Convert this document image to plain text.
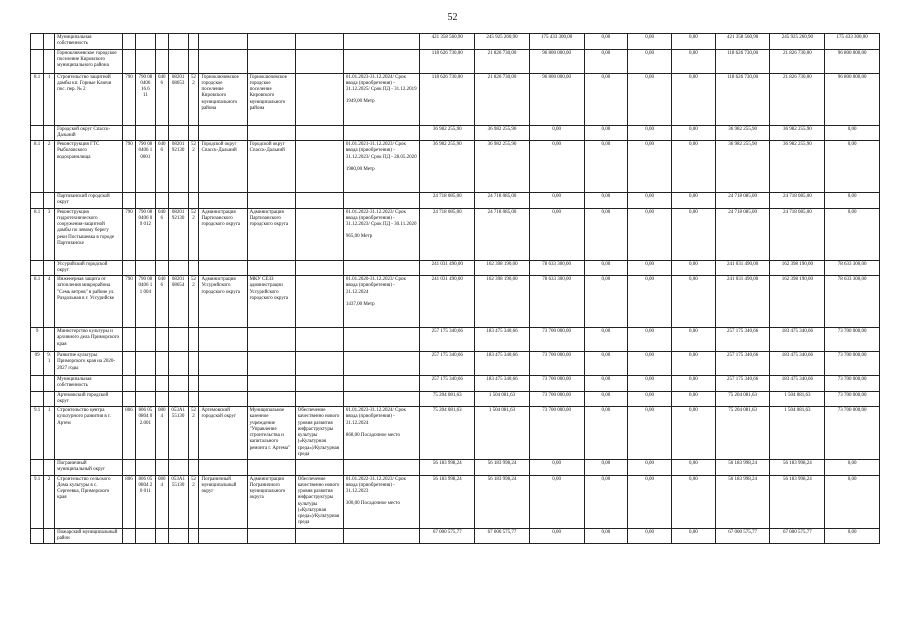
52
		Муниципальная собственность										421 358 560,90	245 925 260,90	175 433 300,00	0,00	0,00	0,00	421 358 560,90	245 925 260,90	175 433 300,00
		Горноключевское городское поселение Кировского муниципального района										118 626 730,00	21 826 730,00	96 800 000,00	0,00	0,00	0,00	118 626 730,00	21 826 730,00	96 800 000,00
8.1	1	Строительство защитной дамбы кп. Горные Ключи пос. пер. № 2	790	790 08 0406 16.6 11	0406	0820108653	522	Горноключевское городское поселение Кировского муниципального района	Горноключевское городское поселение Кировского муниципального района		01.01.2023-31.12.2024/ Срок ввода (приобретения) - 31.12.2025/ Срок ПД - 31.12.2019
1949,00 Метр	118 626 730,00	21 826 730,00	96 800 000,00	0,00	0,00	0,00	118 626 730,00	21 826 730,00	96 800 000,00
		Городской округ Спасск-Дальний										36 982 255,90	36 982 255,90	0,00	0,00	0,00	0,00	36 982 255,90	36 982 255,90	0,00
8.1	2	Реконструкция ГТС Рыболовского водохранилища	790	790 08 0406 1 0001	0406	0820192130	522	Городской округ Спасск-Дальний	Городской округ Спасск-Дальний		01.01.2021-31.12.2023/ Срок ввода (приобретения) - 31.12.2023/ Срок ПД - 28.05.2020
1980,00 Метр	36 982 255,90	36 982 255,90	0,00	0,00	0,00	0,00	36 982 255,90	36 982 255,90	0,00
		Партизанский городской округ										24 718 085,00	24 718 085,00	0,00	0,00	0,00	0,00	24 718 085,00	24 718 085,00	0,00
8.1	3	Реконструкция гидротехнического сооружения-защитной дамбы по левому берегу реки Постышевка в городе Партизанске	790	790 08 0406 0 9 012	0406	0820192130	522	Администрация Партизанского городского округа	Администрация Партизанского городского округа		01.01.2022-31.12.2023/ Срок ввода (приобретения) - 31.12.2023/ Срок ПД - 30.11.2020
965,00 Метр	24 718 085,00	24 718 085,00	0,00	0,00	0,00	0,00	24 718 085,00	24 718 085,00	0,00
		Уссурийский городской округ										241 031 490,00	162 398 190,00	78 633 300,00	0,00	0,00	0,00	241 031 490,00	162 398 190,00	78 633 300,00
8.1	4	Инженерная защита от затопления микрорайона "Семь ветров" в районе ул. Раздольная в г. Уссурийске	790	790 08 0406 1 1 004	0406	0820108654	522	Администрация Уссурийского городского округа	МКУ СЕЗЗ администрации Уссурийского городского округа		01.01.2020-31.12.2023/ Срок ввода (приобретения) - 31.12.2024
1437,00 Метр	241 031 490,00	162 398 190,00	78 633 300,00	0,00	0,00	0,00	241 031 490,00	162 398 190,00	78 633 300,00
9		Министерство культуры и архивного дела Приморского края										257 175 340,66	183 475 340,66	73 700 000,00	0,00	0,00	0,00	257 175 340,66	183 475 340,66	73 700 000,00
09	9.1	Развитие культуры Приморского края на 2020-2027 годы										257 175 340,66	183 475 340,66	73 700 000,00	0,00	0,00	0,00	257 175 340,66	183 475 340,66	73 700 000,00
		Муниципальная собственность										257 175 340,66	183 475 340,66	73 700 000,00	0,00	0,00	0,00	257 175 340,66	183 475 340,66	73 700 000,00
		Артемовский городской округ										75 204 081,63	1 504 081,63	73 700 000,00	0,00	0,00	0,00	75 204 081,63	1 504 081,63	73 700 000,00
9.1	1	Строительство центра культурного развития в г. Артем	806	806 05 0804 0 2.001	0804	053A155130	522	Артемовский городской округ	Муниципальное казенное учреждение "Управление строительства и капитального ремонта г. Артема"	Обеспечение качественно нового уровня развития инфраструктуры культуры («Культурная среда»)/Культурная среда	01.01.2023-31.12.2024/ Срок ввода (приобретения) - 31.12.2024
868,00 Посадочное место	75 204 081,63	1 504 081,63	73 700 000,00	0,00	0,00	0,00	75 204 081,63	1 504 081,63	73 700 000,00
		Пограничный муниципальный округ										56 183 998,24	56 183 998,24	0,00	0,00	0,00	0,00	56 183 998,24	56 183 998,24	0,00
9.1	2	Строительство сельского Дома культуры в с. Сергеевка, Приморского края	806	806 05 0804 2 0 011	0804	053A155130	522	Пограничный муниципальный округ	Администрация Пограничного муниципального округа	Обеспечение качественно нового уровня развития инфраструктуры культуры («Культурная среда»)/Культурная среда	01.01.2022-31.12.2023/ Срок ввода (приобретения) - 31.12.2023
300,00 Посадочное место	56 183 998,24	56 183 998,24	0,00	0,00	0,00	0,00	56 183 998,24	56 183 998,24	0,00
		Пожарский муниципальный район										67 000 575,77	67 000 575,77	0,00	0,00	0,00	0,00	67 000 575,77	67 000 575,77	0,00
